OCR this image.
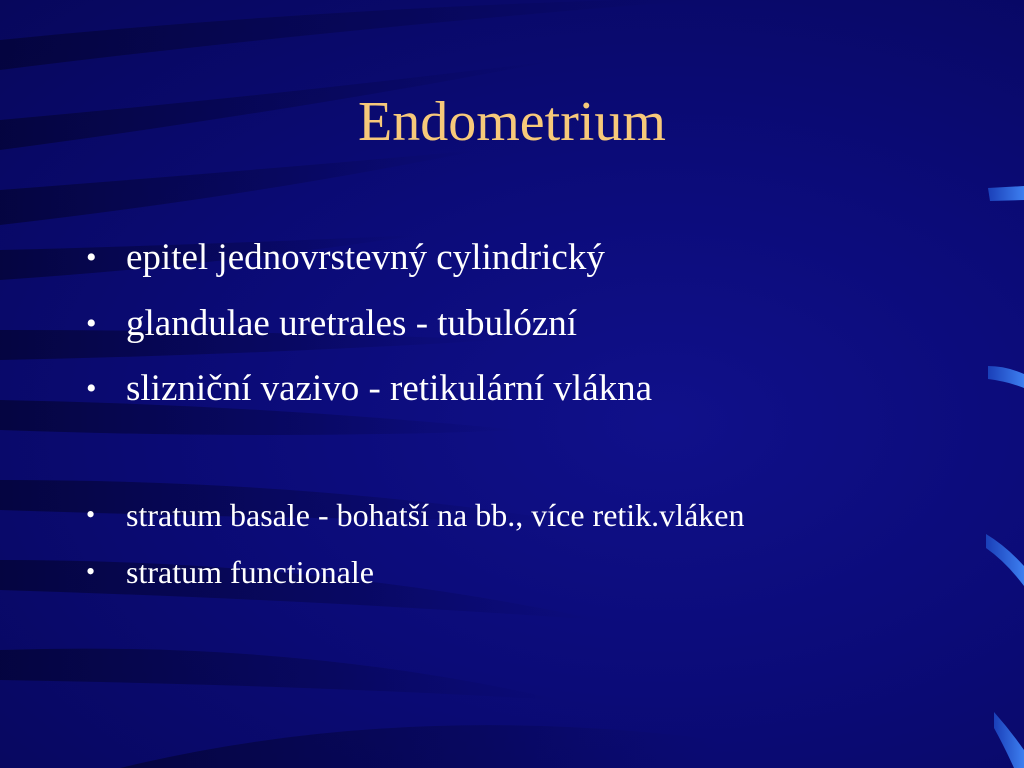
Endometrium
• epitel jednovrstevný cylindrický
• glandulae uretrales - tubulózní
• slizniční vazivo - retikulární vlákna
• stratum basale - bohatší na bb., více retik.vláken
• stratum functionale
